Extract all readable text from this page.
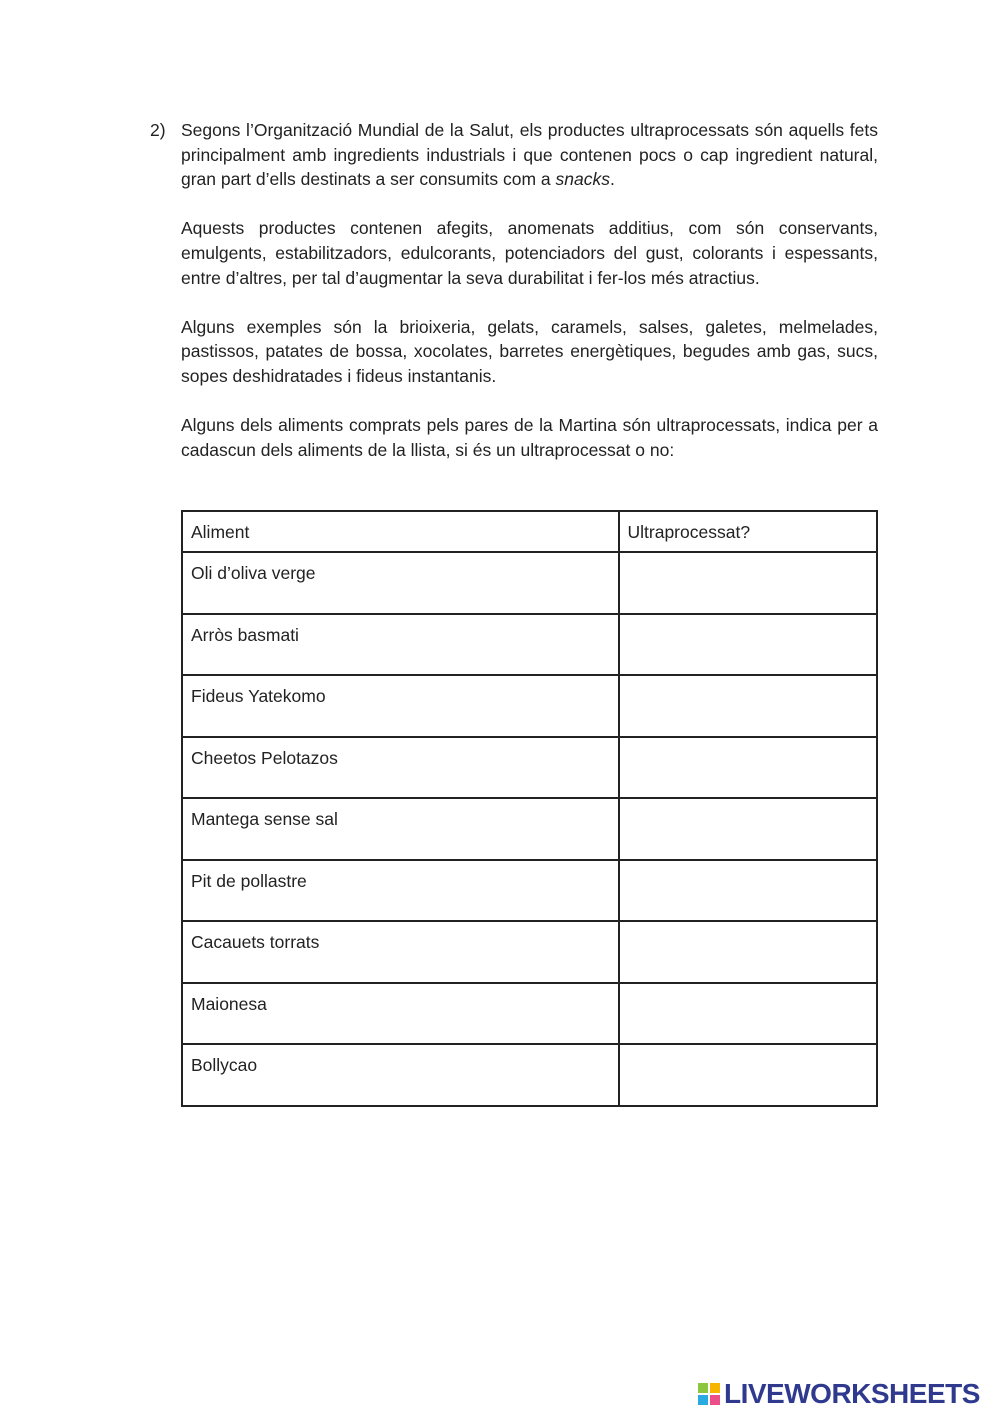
2) Segons l’Organització Mundial de la Salut, els productes ultraprocessats són aquells fets principalment amb ingredients industrials i que contenen pocs o cap ingredient natural, gran part d’ells destinats a ser consumits com a snacks.

Aquests productes contenen afegits, anomenats additius, com són conservants, emulgents, estabilitzadors, edulcorants, potenciadors del gust, colorants i espessants, entre d’altres, per tal d’augmentar la seva durabilitat i fer-los més atractius.

Alguns exemples són la brioixeria, gelats, caramels, salses, galetes, melmelades, pastissos, patates de bossa, xocolates, barretes energètiques, begudes amb gas, sucs, sopes deshidratades i fideus instantanis.

Alguns dels aliments comprats pels pares de la Martina són ultraprocessats, indica per a cadascun dels aliments de la llista, si és un ultraprocessat o no:

Aliment	Ultraprocessat?
Oli d’oliva verge	
Arròs basmati	
Fideus Yatekomo	
Cheetos Pelotazos	
Mantega sense sal	
Pit de pollastre	
Cacauets torrats	
Maionesa	
Bollycao	
LIVEWORKSHEETS
